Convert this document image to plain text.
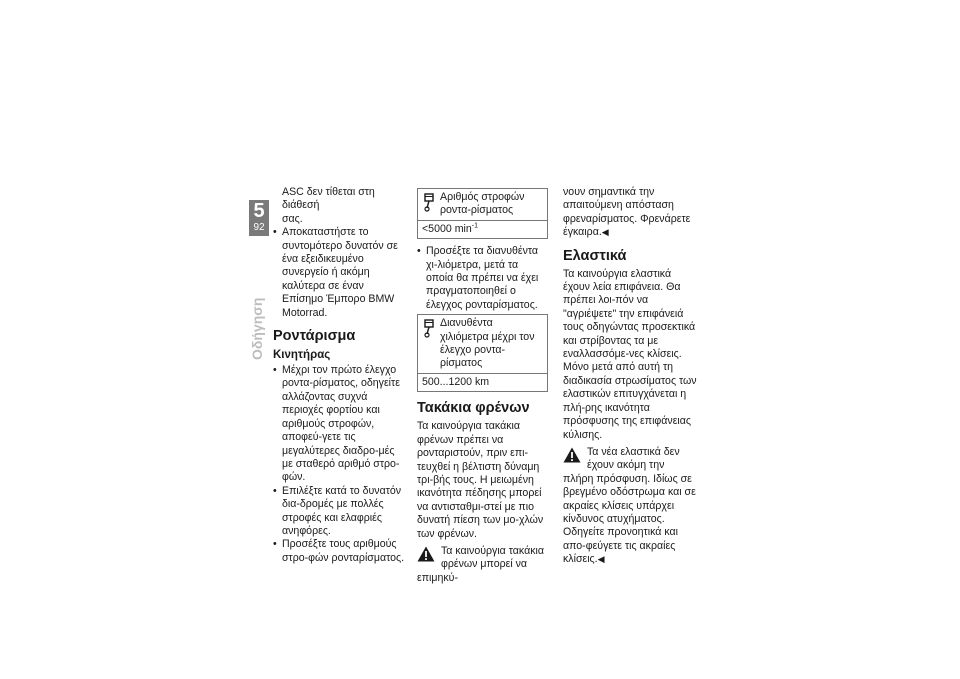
5
92
Οδήγηση

ASC δεν τίθεται στη διάθεσή

σας.

• Αποκαταστήστε το συντομότερο δυνατόν σε ένα εξειδικευμένο συνεργείο ή ακόμη καλύτερα σε έναν Επίσημο Έμπορο BMW Motorrad.
Ροντάρισμα
Κινητήρας
• Μέχρι τον πρώτο έλεγχο ροντα-ρίσματος, οδηγείτε αλλάζοντας συχνά περιοχές φορτίου και αριθμούς στροφών, αποφεύ-γετε τις μεγαλύτερες διαδρο-μές με σταθερό αριθμό στρο-φών.
• Επιλέξτε κατά το δυνατόν δια-δρομές με πολλές στροφές και ελαφριές ανηφόρες.
• Προσέξτε τους αριθμούς στρο-φών ρονταρίσματος.
Αριθμός στροφών ροντα-ρίσματος
<5000 $\min^{-1}$
• Προσέξτε τα διανυθέντα χι-λιόμετρα, μετά τα οποία θα πρέπει να έχει πραγματοποιηθεί ο έλεγχος ρονταρίσματος.
Διανυθέντα χιλιόμετρα μέχρι τον έλεγχο ροντα-ρίσματος
500...1200 km
Τακάκια φρένων

Τα καινούργια τακάκια φρένων πρέπει να ρονταριστούν, πριν επι-τευχθεί η βέλτιστη δύναμη τρι-βής τους. Η μειωμένη ικανότητα πέδησης μπορεί να αντισταθμι-στεί με πιο δυνατή πίεση των μο-χλών των φρένων.

Τα καινούργια τακάκια φρένων μπορεί να επιμηκύ-

νουν σημαντικά την απαιτούμενη απόσταση φρεναρίσματος. Φρενάρετε έγκαιρα.◀

Ελαστικά

Τα καινούργια ελαστικά έχουν λεία επιφάνεια. Θα πρέπει λοι-πόν να "αγριέψετε" την επιφάνειά τους οδηγώντας προσεκτικά και στρίβοντας τα με εναλλασσόμε-νες κλίσεις. Μόνο μετά από αυτή τη διαδικασία στρωσίματος των ελαστικών επιτυγχάνεται η πλή-ρης ικανότητα πρόσφυσης της επιφάνειας κύλισης.

Τα νέα ελαστικά δεν έχουν ακόμη την πλήρη πρόσφυση. Ιδίως σε βρεγμένο οδόστρωμα και σε ακραίες κλίσεις υπάρχει κίνδυνος ατυχήματος.

Οδηγείτε προνοητικά και απο-φεύγετε τις ακραίες κλίσεις.◀
